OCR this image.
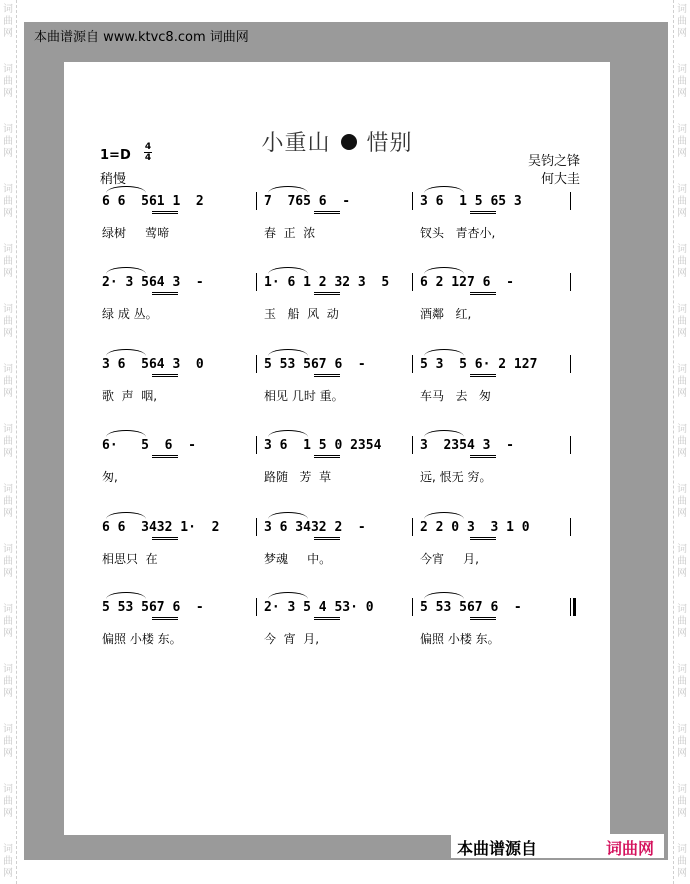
词
曲
网
词
曲
网
词
曲
网
词
曲
网
词
曲
网
词
曲
网
词
曲
网
词
曲
网
词
曲
网
词
曲
网
词
曲
网
词
曲
网
词
曲
网
词
曲
网
词
曲
网
词
曲
网
词
曲
网
词
曲
网
词
曲
网
词
曲
网
词
曲
网
词
曲
网
词
曲
网
词
曲
网
词
曲
网
词
曲
网
词
曲
网
词
曲
网
词
曲
网
词
曲
网
本曲谱源自 www.ktvc8.com 词曲网
小重山 惜别
1=D
4
4
稍慢
吴钧之锋
何大圭
6 6  561 1  2	7  765 6  -	3 6  1 5 65 3
绿树     莺啼	春  正  浓	钗头   青杏小,
2· 3 564 3  -	1· 6 1 2 32 3  5 6 2 127 6  -
绿 成 丛。	玉   船  风  动	酒鄰   红,
3 6  564 3  0	5 53 567 6  -	5 3  5 6· 2 127
歌  声  咽,	相见 几时 重。	车马   去   匆
6·   5  6  -	3 6  1 5 0 2354	3  2354 3  -
匆,	路随   芳  草	远, 恨无 穷。
6 6  3432 1·  2	3 6 3432 2  -	2 2 0 3  3 1 0
相思只  在	梦魂     中。	今宵     月,
5 53 567 6  -	2· 3 5 4 53· 0	5 53 567 6  -
偏照 小楼 东。	今  宵  月,	偏照 小楼 东。
本曲谱源自	词曲网
